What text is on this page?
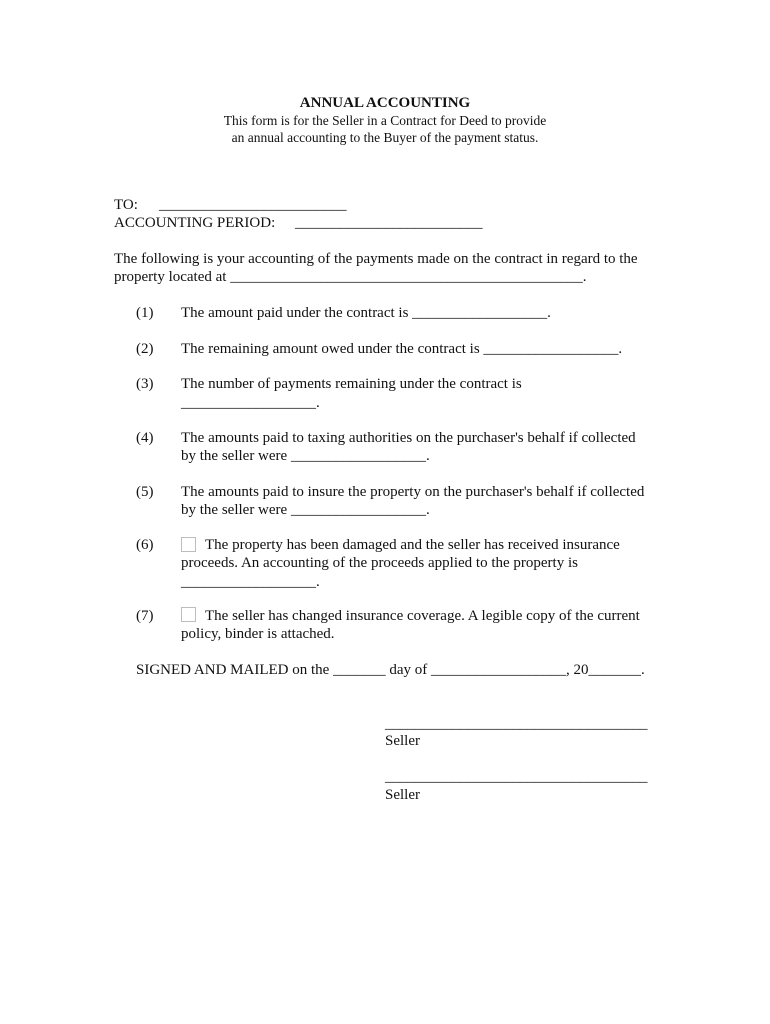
ANNUAL ACCOUNTING
This form is for the Seller in a Contract for Deed to provide
an annual accounting to the Buyer of the payment status.
TO: _________________________
ACCOUNTING PERIOD: _________________________
The following is your accounting of the payments made on the contract in regard to the
property located at _______________________________________________.
(1) The amount paid under the contract is __________________.
(2) The remaining amount owed under the contract is __________________.
(3) The number of payments remaining under the contract is
__________________.
(4) The amounts paid to taxing authorities on the purchaser's behalf if collected
by the seller were __________________.
(5) The amounts paid to insure the property on the purchaser's behalf if collected
by the seller were __________________.
(6)	The property has been damaged and the seller has received insurance
proceeds. An accounting of the proceeds applied to the property is
__________________.
(7)	The seller has changed insurance coverage. A legible copy of the current
policy, binder is attached.
SIGNED AND MAILED on the _______ day of __________________, 20_______.
___________________________________
Seller
___________________________________
Seller
